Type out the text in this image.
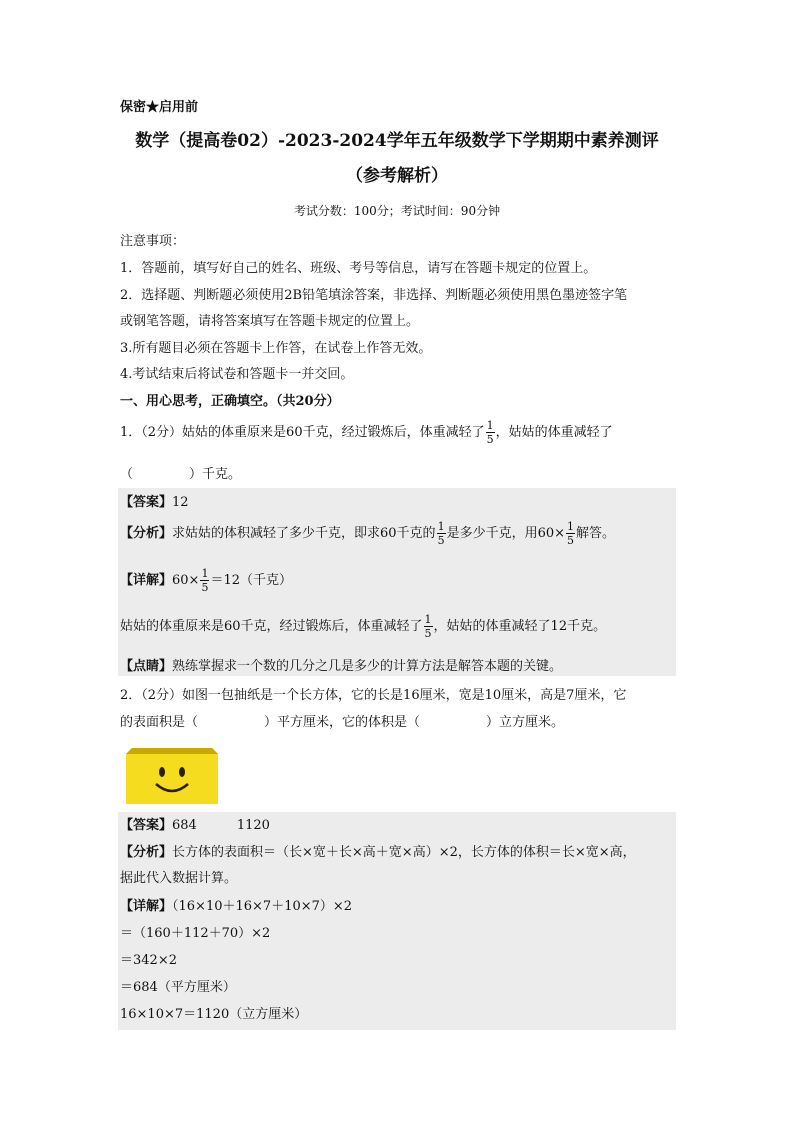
保密★启用前
数学（提高卷02）-2023-2024学年五年级数学下学期期中素养测评
（参考解析）
考试分数：100分；考试时间：90分钟
注意事项：
1．答题前，填写好自己的姓名、班级、考号等信息，请写在答题卡规定的位置上。
2．选择题、判断题必须使用2B铅笔填涂答案，非选择、判断题必须使用黑色墨迹签字笔
或钢笔答题，请将答案填写在答题卡规定的位置上。
3.所有题目必须在答题卡上作答，在试卷上作答无效。
4.考试结束后将试卷和答题卡一并交回。
一、用心思考，正确填空。（共20分）
1．（2分）姑姑的体重原来是60千克，经过锻炼后，体重减轻了 $\frac{1}{5}$ ，姑姑的体重减轻了
（	）千克。
【答案】12
【分析】求姑姑的体积减轻了多少千克，即求60千克的 $\frac{1}{5}$ 是多少千克，用$60\times \frac{1}{5}$ 解答。
【详解】$60\times \frac{1}{5} =12$（千克）
姑姑的体重原来是60千克，经过锻炼后，体重减轻了 $\frac{1}{5}$ ，姑姑的体重减轻了12千克。
【点睛】熟练掌握求一个数的几分之几是多少的计算方法是解答本题的关键。
2．（2分）如图一包抽纸是一个长方体，它的长是16厘米，宽是10厘米，高是7厘米，它
的表面积是（	）平方厘米，它的体积是（	）立方厘米。
【答案】684	1120
【分析】长方体的表面积＝（长×宽＋长×高＋宽×高）×2，长方体的体积＝长×宽×高，
据此代入数据计算。
【详解】（16×10＋16×7＋10×7）×2
＝（160＋112＋70）×2
＝342×2
＝684（平方厘米）
16×10×7＝1120（立方厘米）
